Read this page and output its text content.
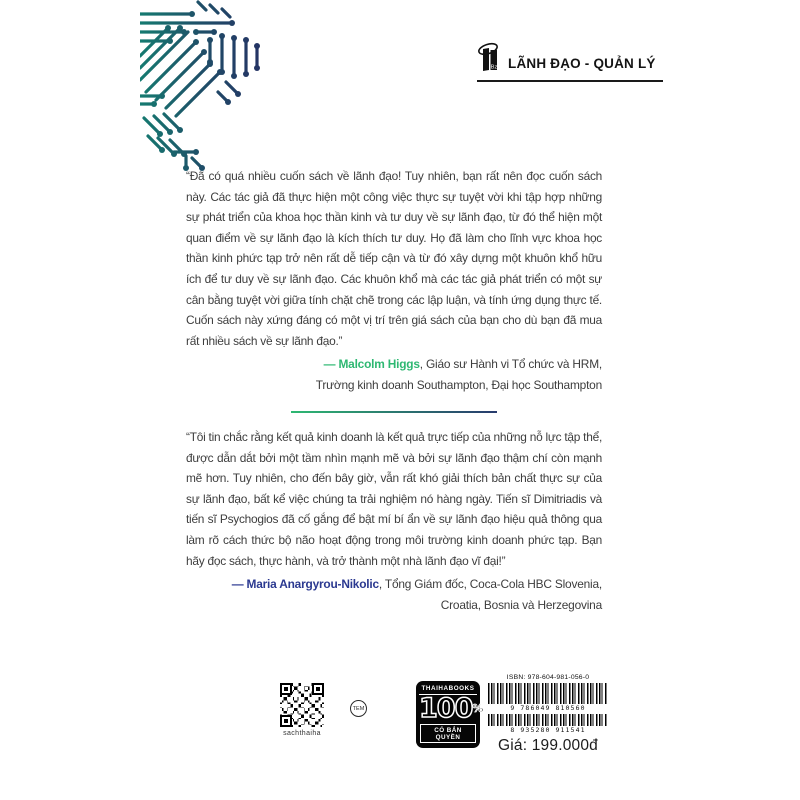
Bz LÃNH ĐẠO - QUẢN LÝ
“Đã có quá nhiều cuốn sách về lãnh đạo! Tuy nhiên, bạn rất nên đọc cuốn sách này. Các tác giả đã thực hiện một công việc thực sự tuyệt vời khi tập hợp những sự phát triển của khoa học thần kinh và tư duy về sự lãnh đạo, từ đó thể hiện một quan điểm về sự lãnh đạo là kích thích tư duy. Họ đã làm cho lĩnh vực khoa học thần kinh phức tạp trở nên rất dễ tiếp cận và từ đó xây dựng một khuôn khổ hữu ích để tư duy về sự lãnh đạo. Các khuôn khổ mà các tác giả phát triển có một sự cân bằng tuyệt vời giữa tính chặt chẽ trong các lập luận, và tính ứng dụng thực tế. Cuốn sách này xứng đáng có một vị trí trên giá sách của bạn cho dù bạn đã mua rất nhiều sách về sự lãnh đạo.”
— Malcolm Higgs, Giáo sư Hành vi Tổ chức và HRM,
Trường kinh doanh Southampton, Đại học Southampton
“Tôi tin chắc rằng kết quả kinh doanh là kết quả trực tiếp của những nỗ lực tập thể, được dẫn dắt bởi một tầm nhìn mạnh mẽ và bởi sự lãnh đạo thậm chí còn mạnh mẽ hơn. Tuy nhiên, cho đến bây giờ, vẫn rất khó giải thích bản chất thực sự của sự lãnh đạo, bất kể việc chúng ta trải nghiệm nó hàng ngày. Tiến sĩ Dimitriadis và tiến sĩ Psychogios đã cố gắng để bật mí bí ẩn về sự lãnh đạo hiệu quả thông qua làm rõ cách thức bộ não hoạt động trong môi trường kinh doanh phức tạp. Bạn hãy đọc sách, thực hành, và trở thành một nhà lãnh đạo vĩ đại!”
— Maria Anargyrou-Nikolic, Tổng Giám đốc, Coca-Cola HBC Slovenia,
Croatia, Bosnia và Herzegovina
sachthaiha
TEM
THAIHABOOKS
100%
CÓ BẢN QUYỀN
ISBN: 978-604-981-056-0
9 786049 810560
8 935280 911541
Giá: 199.000đ
